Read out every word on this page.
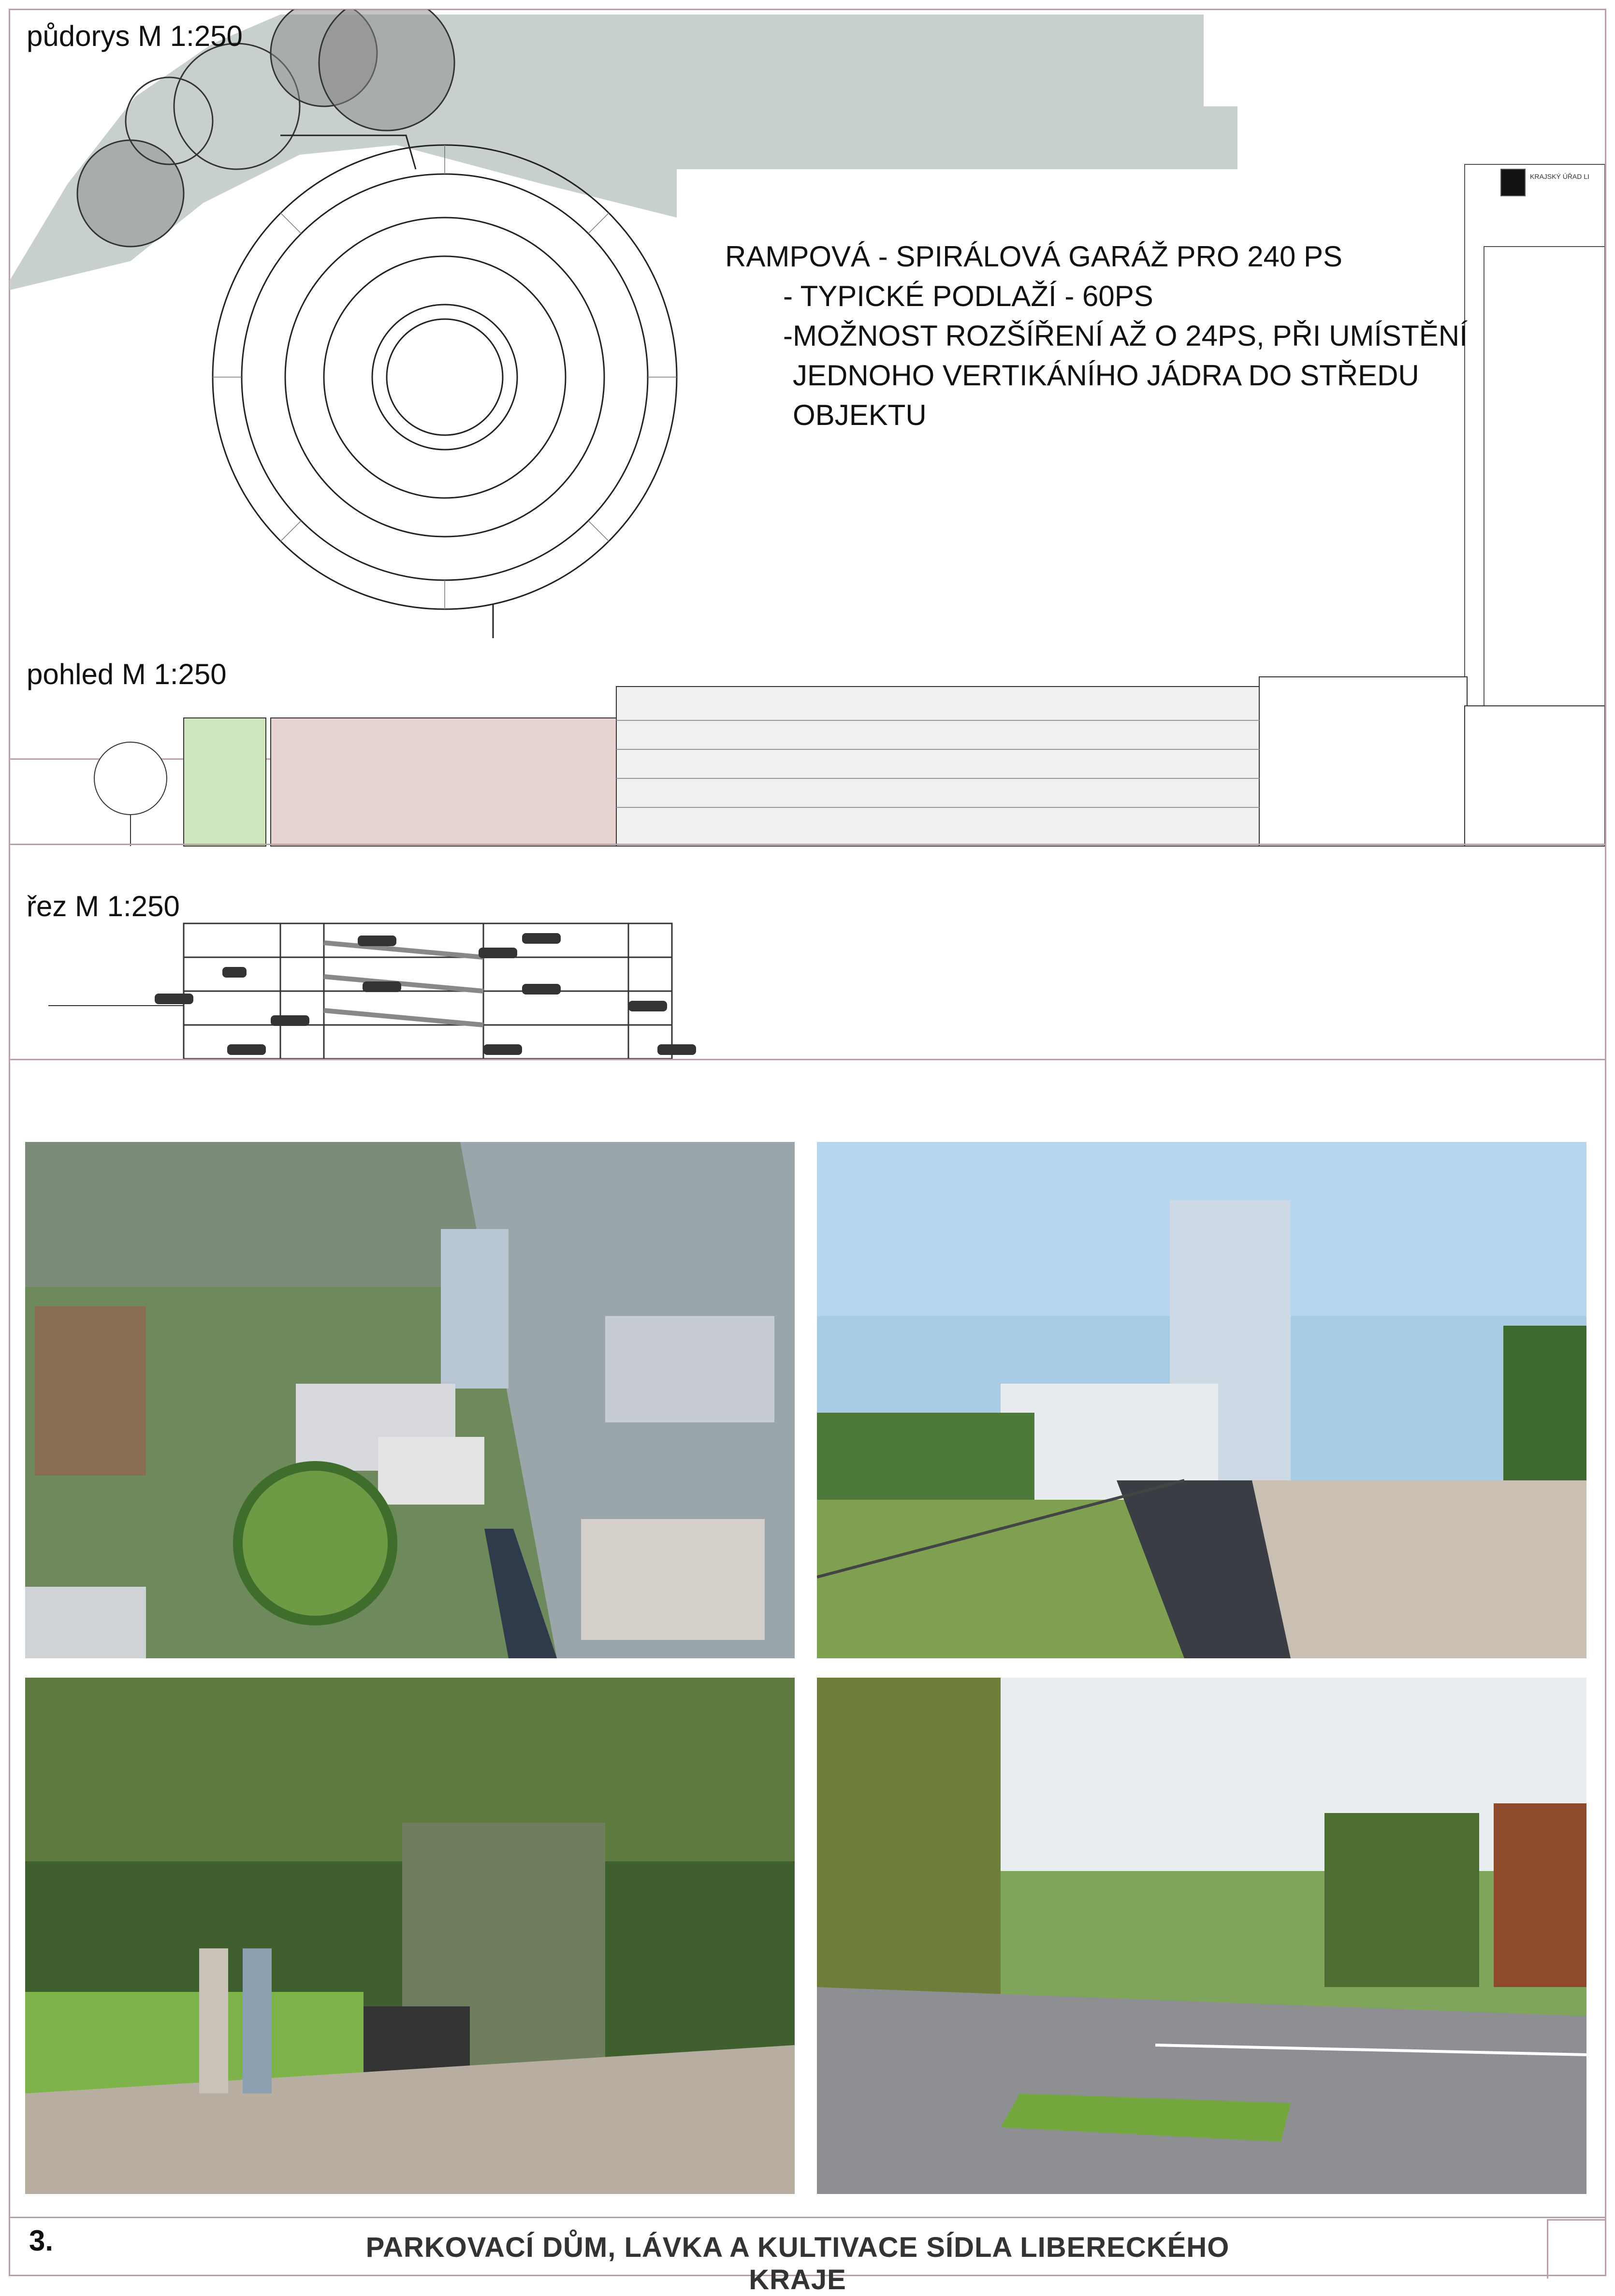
KRAJSKÝ ÚŘAD LI
půdorys M 1:250
RAMPOVÁ - SPIRÁLOVÁ GARÁŽ PRO 240 PS
- TYPICKÉ PODLAŽÍ - 60PS
-MOŽNOST ROZŠÍŘENÍ AŽ O 24PS, PŘI UMÍSTĚNÍ
JEDNOHO VERTIKÁNÍHO JÁDRA DO STŘEDU
OBJEKTU
pohled M 1:250
řez M 1:250
3.	PARKOVACÍ DŮM, LÁVKA A KULTIVACE SÍDLA LIBERECKÉHO KRAJE
